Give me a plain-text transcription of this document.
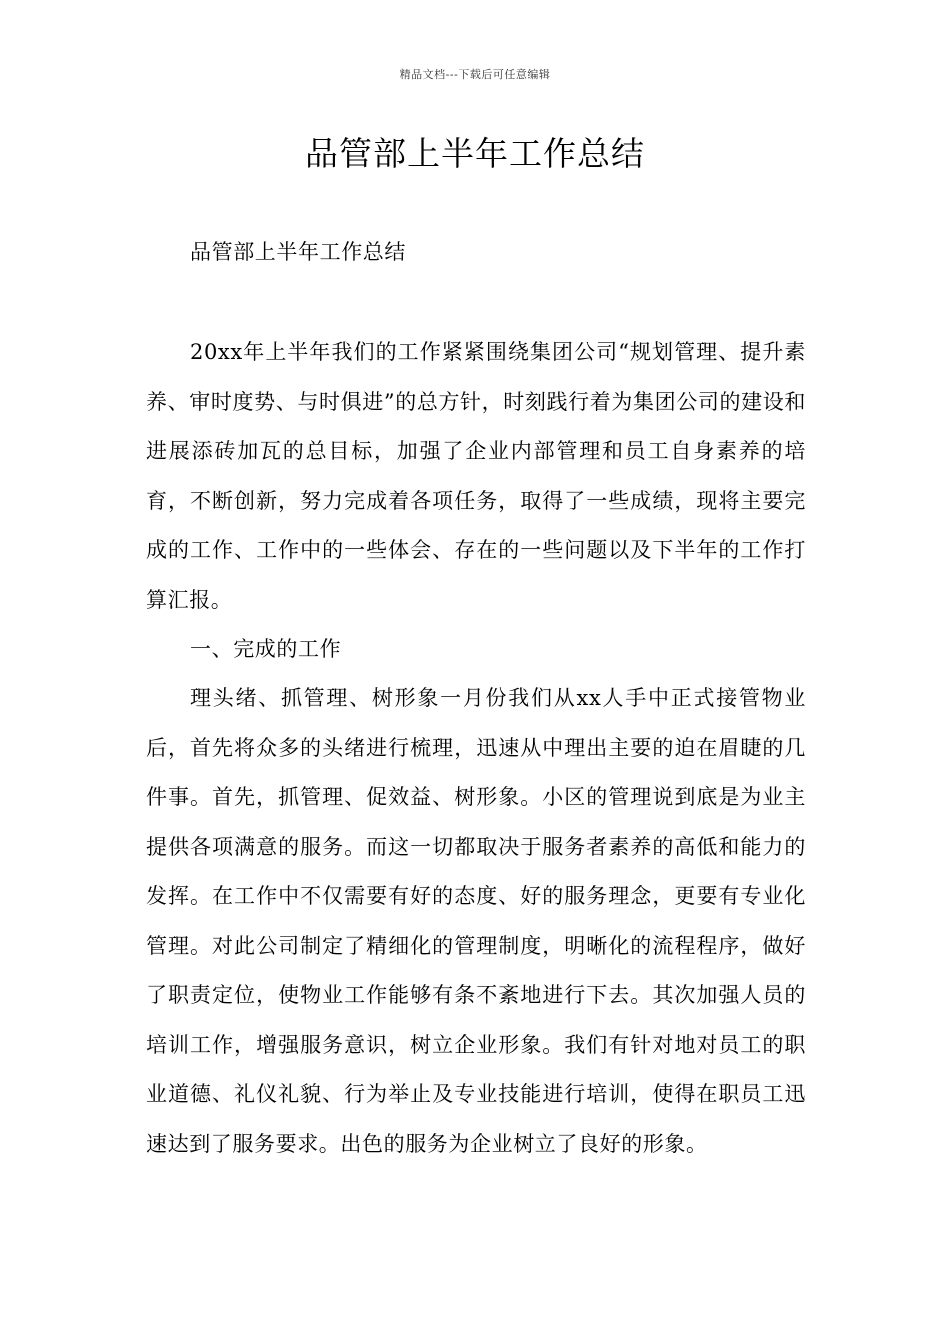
精品文档---下载后可任意编辑
品管部上半年工作总结

品管部上半年工作总结

20xx年上半年我们的工作紧紧围绕集团公司“规划管理、提升素养、审时度势、与时俱进”的总方针，时刻践行着为集团公司的建设和进展添砖加瓦的总目标，加强了企业内部管理和员工自身素养的培育，不断创新，努力完成着各项任务，取得了一些成绩，现将主要完成的工作、工作中的一些体会、存在的一些问题以及下半年的工作打算汇报。

一、完成的工作

理头绪、抓管理、树形象一月份我们从xx人手中正式接管物业后，首先将众多的头绪进行梳理，迅速从中理出主要的迫在眉睫的几件事。首先，抓管理、促效益、树形象。小区的管理说到底是为业主提供各项满意的服务。而这一切都取决于服务者素养的高低和能力的发挥。在工作中不仅需要有好的态度、好的服务理念，更要有专业化管理。对此公司制定了精细化的管理制度，明晰化的流程程序，做好了职责定位，使物业工作能够有条不紊地进行下去。其次加强人员的培训工作，增强服务意识，树立企业形象。我们有针对地对员工的职业道德、礼仪礼貌、行为举止及专业技能进行培训，使得在职员工迅速达到了服务要求。出色的服务为企业树立了良好的形象。
